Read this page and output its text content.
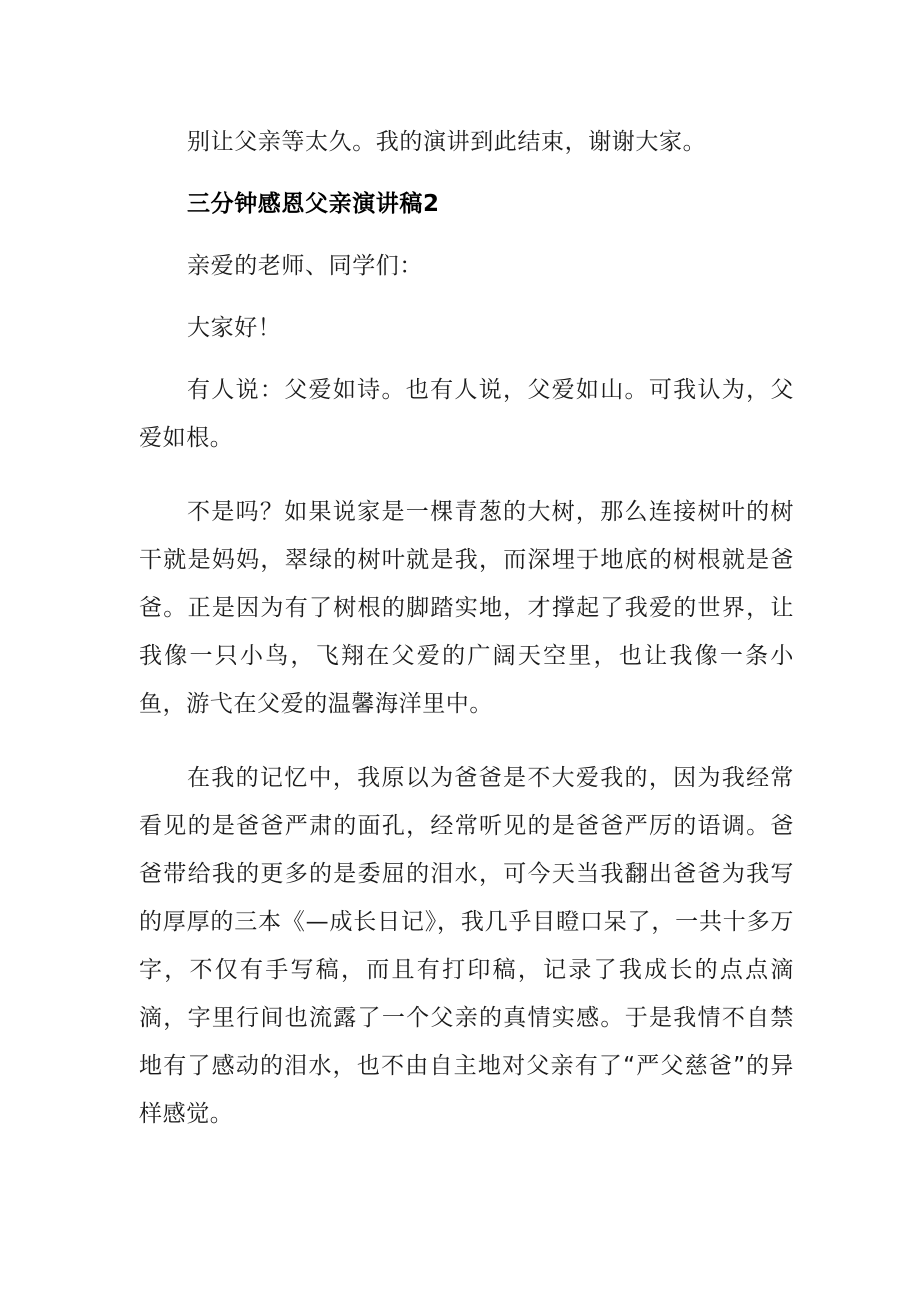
别让父亲等太久。我的演讲到此结束，谢谢大家。

三分钟感恩父亲演讲稿2

亲爱的老师、同学们：

大家好！

有人说：父爱如诗。也有人说，父爱如山。可我认为，父爱如根。

不是吗？如果说家是一棵青葱的大树，那么连接树叶的树干就是妈妈，翠绿的树叶就是我，而深埋于地底的树根就是爸爸。正是因为有了树根的脚踏实地，才撑起了我爱的世界，让我像一只小鸟，飞翔在父爱的广阔天空里，也让我像一条小鱼，游弋在父爱的温馨海洋里中。

在我的记忆中，我原以为爸爸是不大爱我的，因为我经常看见的是爸爸严肃的面孔，经常听见的是爸爸严厉的语调。爸爸带给我的更多的是委屈的泪水，可今天当我翻出爸爸为我写的厚厚的三本《—成长日记》，我几乎目瞪口呆了，一共十多万字，不仅有手写稿，而且有打印稿，记录了我成长的点点滴滴，字里行间也流露了一个父亲的真情实感。于是我情不自禁地有了感动的泪水，也不由自主地对父亲有了“严父慈爸”的异样感觉。
